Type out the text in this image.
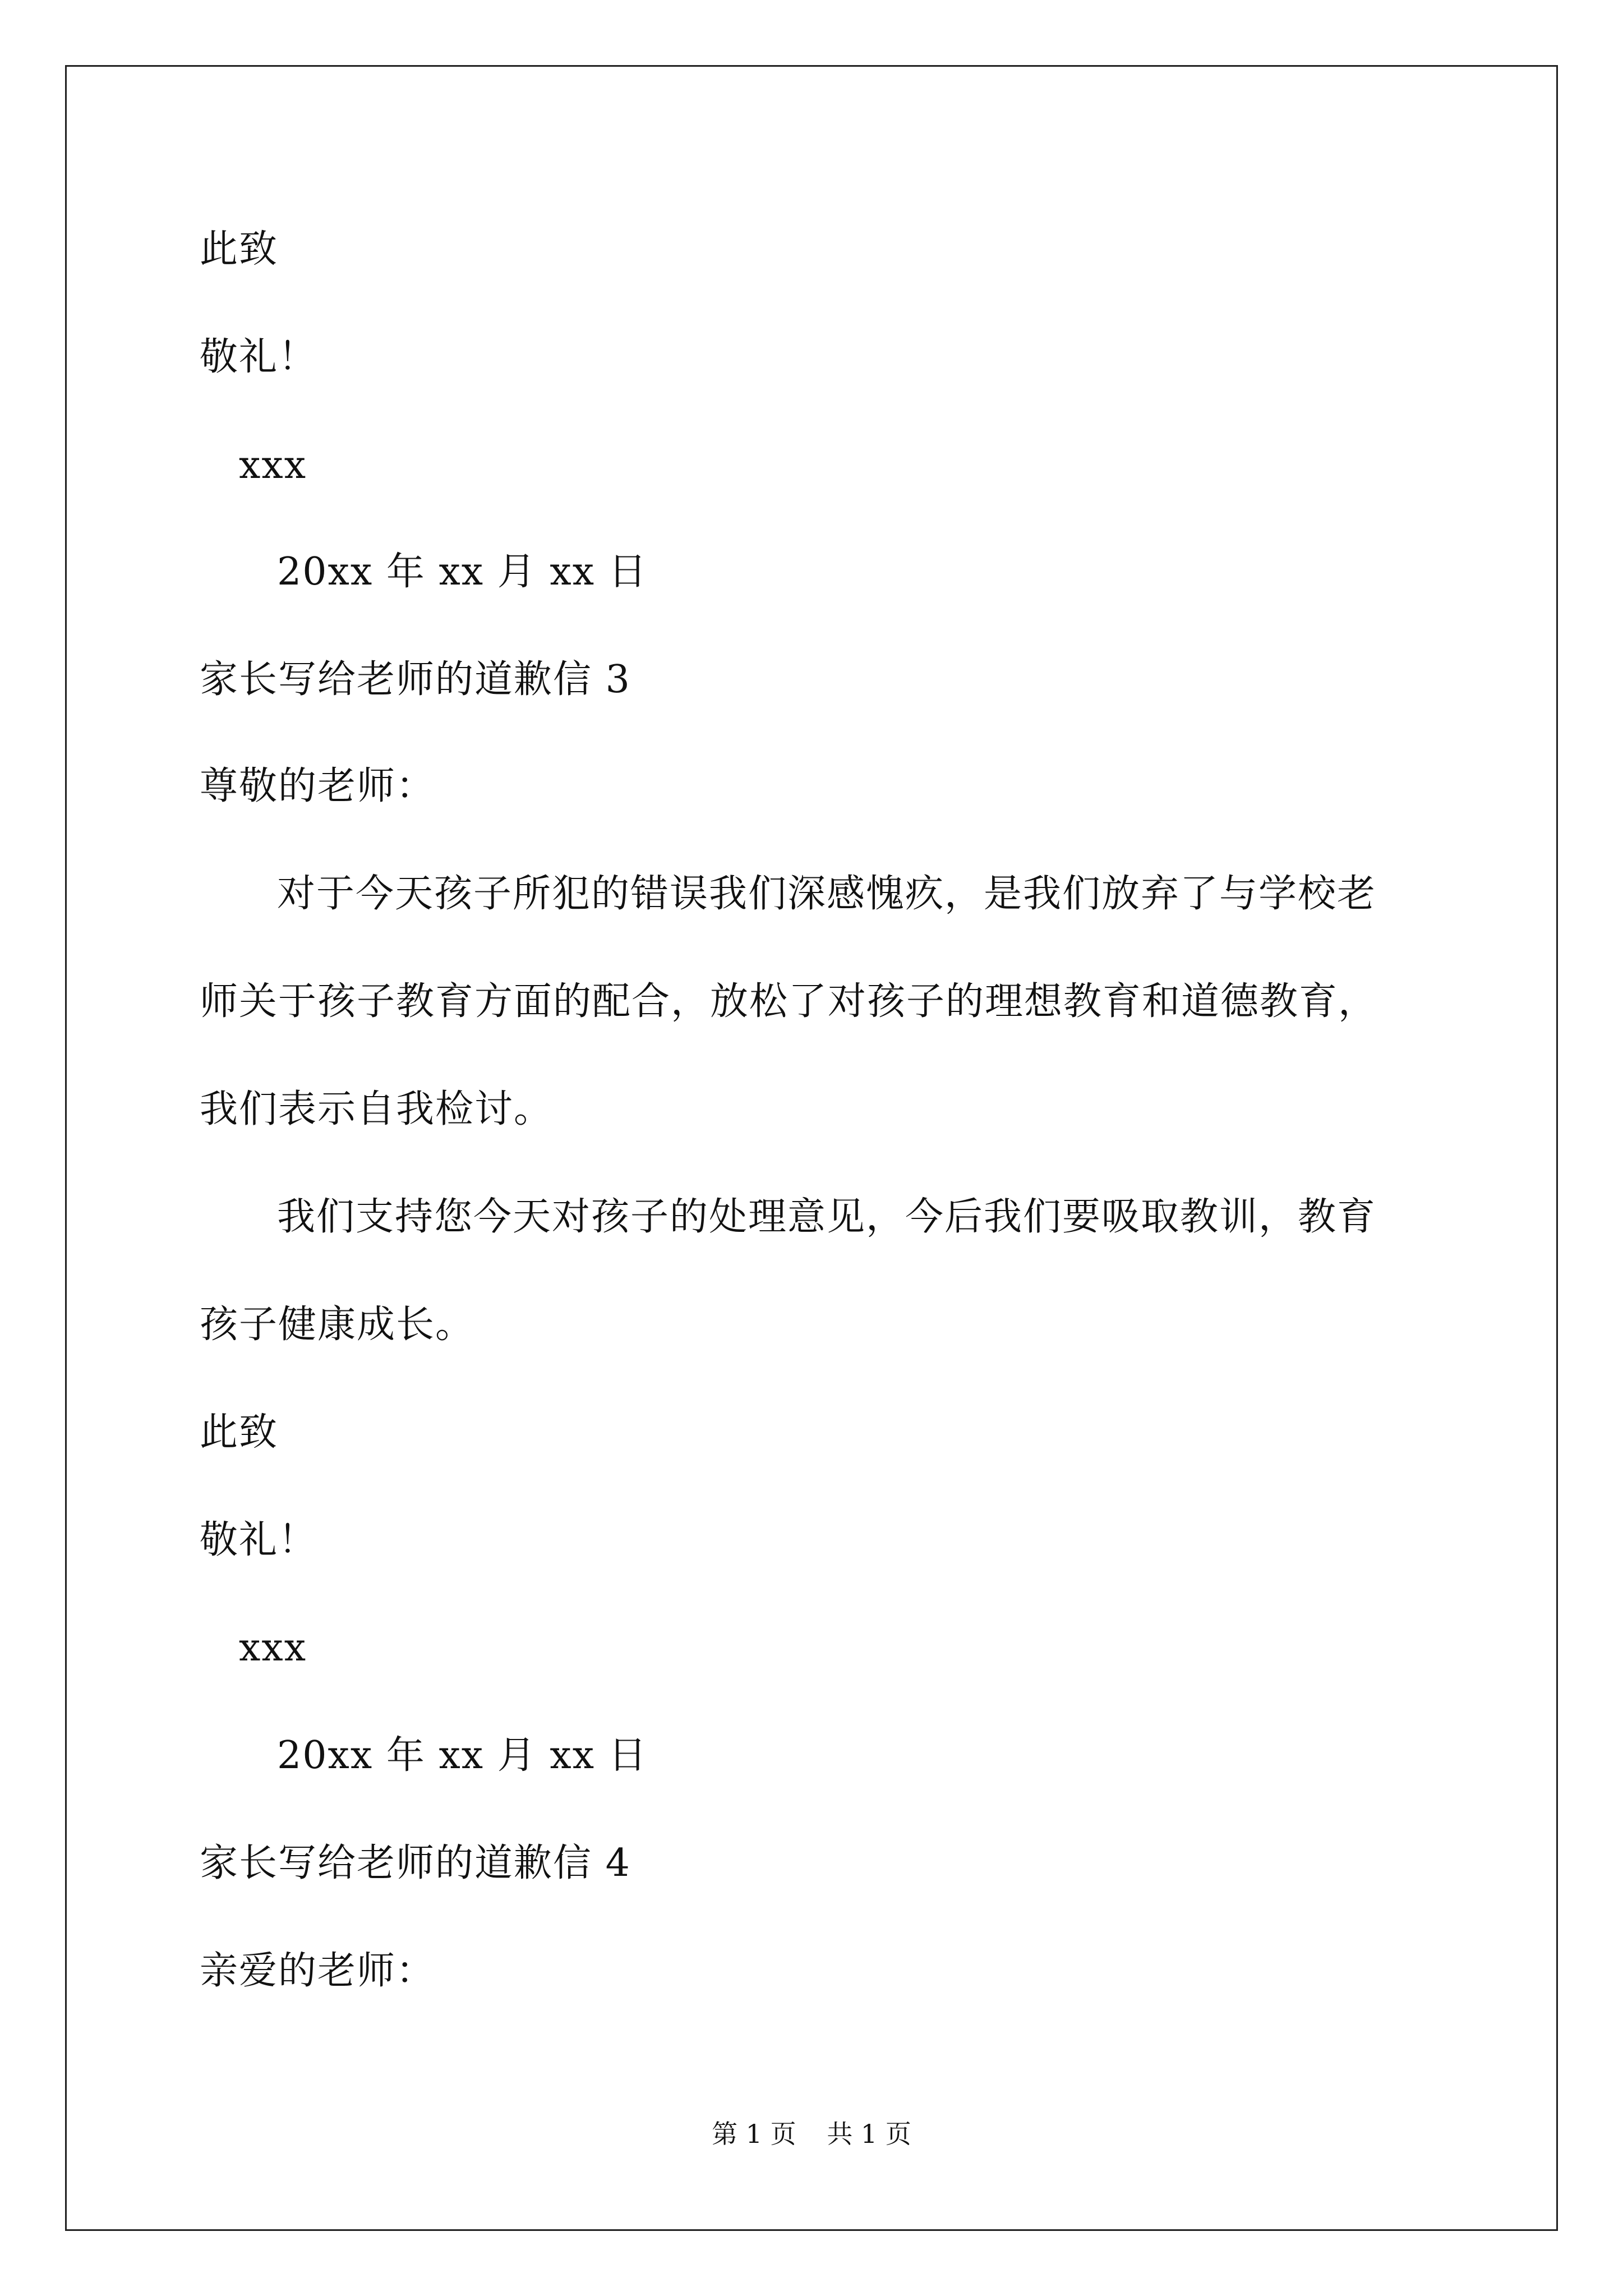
此致
敬礼！
xxx
20xx 年 xx 月 xx 日
家长写给老师的道歉信 3
尊敬的老师：
对于今天孩子所犯的错误我们深感愧疚，是我们放弃了与学校老
师关于孩子教育方面的配合，放松了对孩子的理想教育和道德教育，
我们表示自我检讨。
我们支持您今天对孩子的处理意见，今后我们要吸取教训，教育
孩子健康成长。
此致
敬礼！
xxx
20xx 年 xx 月 xx 日
家长写给老师的道歉信 4
亲爱的老师：
第 1 页 共 1 页
